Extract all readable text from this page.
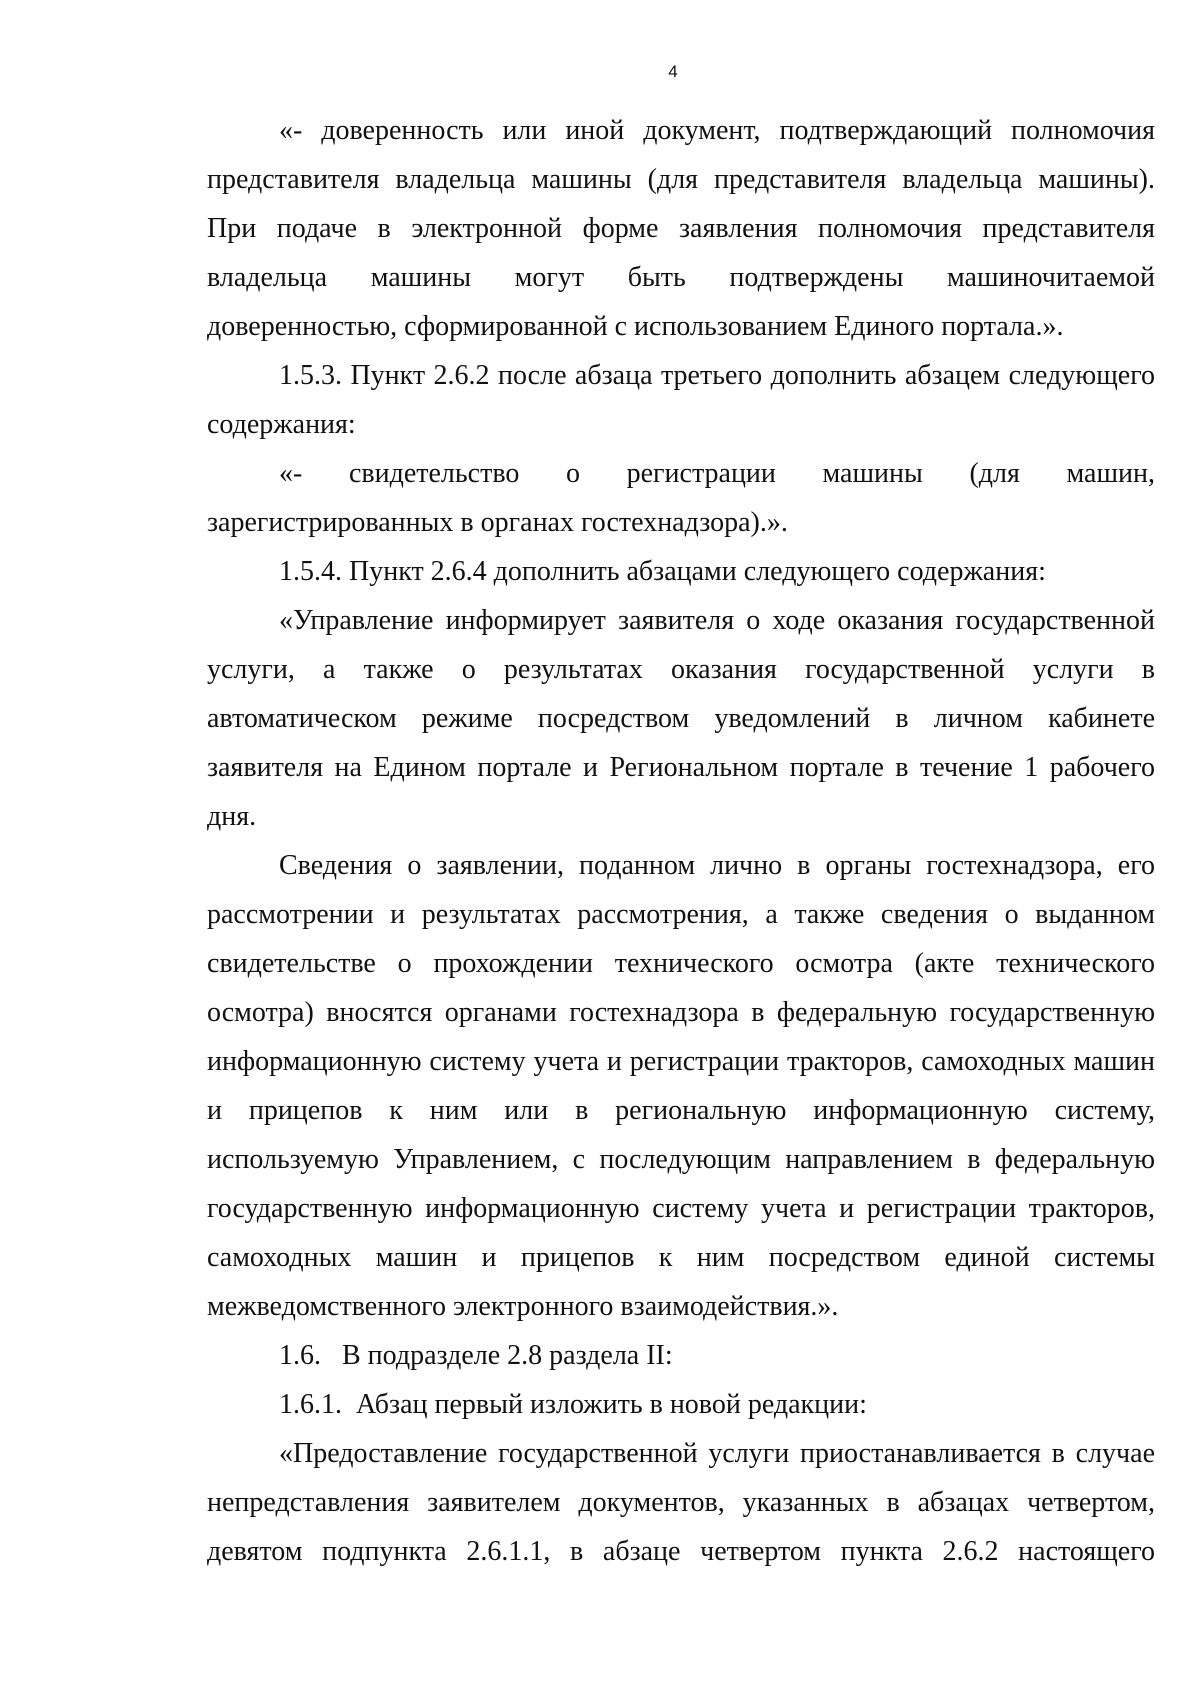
4

«- доверенность или иной документ, подтверждающий полномочия представителя владельца машины (для представителя владельца машины). При подаче в электронной форме заявления полномочия представителя владельца машины могут быть подтверждены машиночитаемой доверенностью, сформированной с использованием Единого портала.».

1.5.3. Пункт 2.6.2 после абзаца третьего дополнить абзацем следующего содержания:

«- свидетельство о регистрации машины (для машин, зарегистрированных в органах гостехнадзора).».

1.5.4. Пункт 2.6.4 дополнить абзацами следующего содержания:

«Управление информирует заявителя о ходе оказания государственной услуги, а также о результатах оказания государственной услуги в автоматическом режиме посредством уведомлений в личном кабинете заявителя на Едином портале и Региональном портале в течение 1 рабочего дня.

Сведения о заявлении, поданном лично в органы гостехнадзора, его рассмотрении и результатах рассмотрения, а также сведения о выданном свидетельстве о прохождении технического осмотра (акте технического осмотра) вносятся органами гостехнадзора в федеральную государственную информационную систему учета и регистрации тракторов, самоходных машин и прицепов к ним или в региональную информационную систему, используемую Управлением, с последующим направлением в федеральную государственную информационную систему учета и регистрации тракторов, самоходных машин и прицепов к ним посредством единой системы межведомственного электронного взаимодействия.».

1.6.   В подразделе 2.8 раздела II:

1.6.1.  Абзац первый изложить в новой редакции:

«Предоставление государственной услуги приостанавливается в случае непредставления заявителем документов, указанных в абзацах четвертом, девятом подпункта 2.6.1.1, в абзаце четвертом пункта 2.6.2 настоящего
